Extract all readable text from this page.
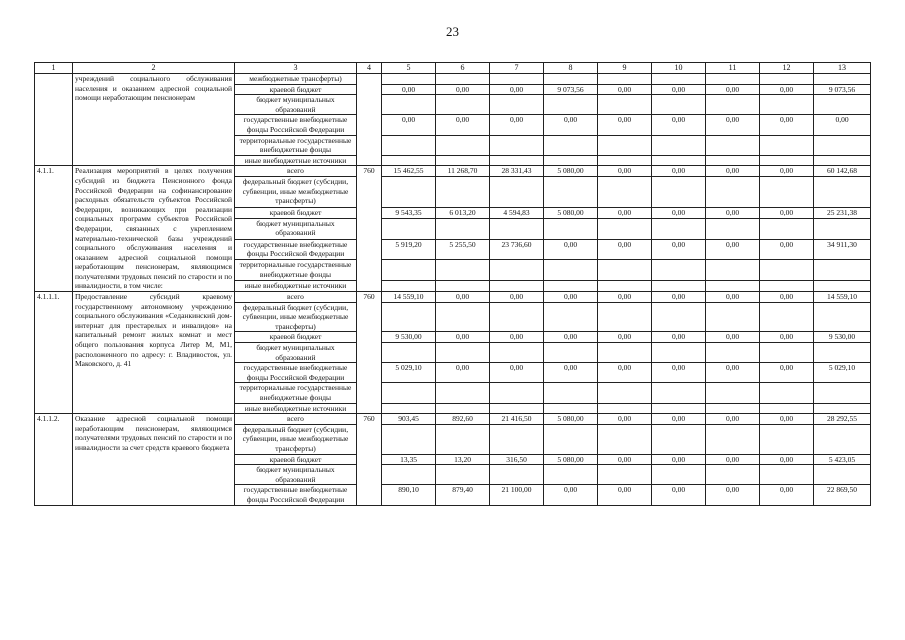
23
1	2	3	4	5	6	7	8	9	10	11	12	13
	учреждений социального обслуживания населения и оказанием адресной социальной помощи неработающим пенсионерам	межбюджетные трансферты)										
		краевой бюджет		0,00	0,00	0,00	9 073,56	0,00	0,00	0,00	0,00	9 073,56
		бюджет муниципальных образований										
		государственные внебюджетные фонды Российской Федерации		0,00	0,00	0,00	0,00	0,00	0,00	0,00	0,00	0,00
		территориальные государственные внебюджетные фонды										
		иные внебюджетные источники										
4.1.1.	Реализация мероприятий в целях получения субсидий из бюджета Пенсионного фонда Российской Федерации на софинансирование расходных обязательств субъектов Российской Федерации, возникающих при реализации социальных программ субъектов Российской Федерации, связанных с укреплением материально-технической базы учреждений социального обслуживания населения и оказанием адресной социальной помощи неработающим пенсионерам, являющимся получателями трудовых пенсий по старости и по инвалидности, в том числе:	всего	760	15 462,55	11 268,70	28 331,43	5 080,00	0,00	0,00	0,00	0,00	60 142,68
		федеральный бюджет (субсидии, субвенции, иные межбюджетные трансферты)										
		краевой бюджет		9 543,35	6 013,20	4 594,83	5 080,00	0,00	0,00	0,00	0,00	25 231,38
		бюджет муниципальных образований										
		государственные внебюджетные фонды Российской Федерации		5 919,20	5 255,50	23 736,60	0,00	0,00	0,00	0,00	0,00	34 911,30
		территориальные государственные внебюджетные фонды										
		иные внебюджетные источники										
4.1.1.1.	Предоставление субсидий краевому государственному автономному учреждению социального обслуживания «Седанкинский дом-интернат для престарелых и инвалидов» на капитальный ремонт жилых комнат и мест общего пользования корпуса Литер М, М1, расположенного по адресу: г. Владивосток, ул. Маковского, д. 41	всего	760	14 559,10	0,00	0,00	0,00	0,00	0,00	0,00	0,00	14 559,10
		федеральный бюджет (субсидии, субвенции, иные межбюджетные трансферты)										
		краевой бюджет		9 530,00	0,00	0,00	0,00	0,00	0,00	0,00	0,00	9 530,00
		бюджет муниципальных образований										
		государственные внебюджетные фонды Российской Федерации		5 029,10	0,00	0,00	0,00	0,00	0,00	0,00	0,00	5 029,10
		территориальные государственные внебюджетные фонды										
		иные внебюджетные источники										
4.1.1.2.	Оказание адресной социальной помощи неработающим пенсионерам, являющимся получателями трудовых пенсий по старости и по инвалидности за счет средств краевого бюджета	всего	760	903,45	892,60	21 416,50	5 080,00	0,00	0,00	0,00	0,00	28 292,55
		федеральный бюджет (субсидии, субвенции, иные межбюджетные трансферты)										
		краевой бюджет		13,35	13,20	316,50	5 080,00	0,00	0,00	0,00	0,00	5 423,05
		бюджет муниципальных образований										
		государственные внебюджетные фонды Российской Федерации		890,10	879,40	21 100,00	0,00	0,00	0,00	0,00	0,00	22 869,50
